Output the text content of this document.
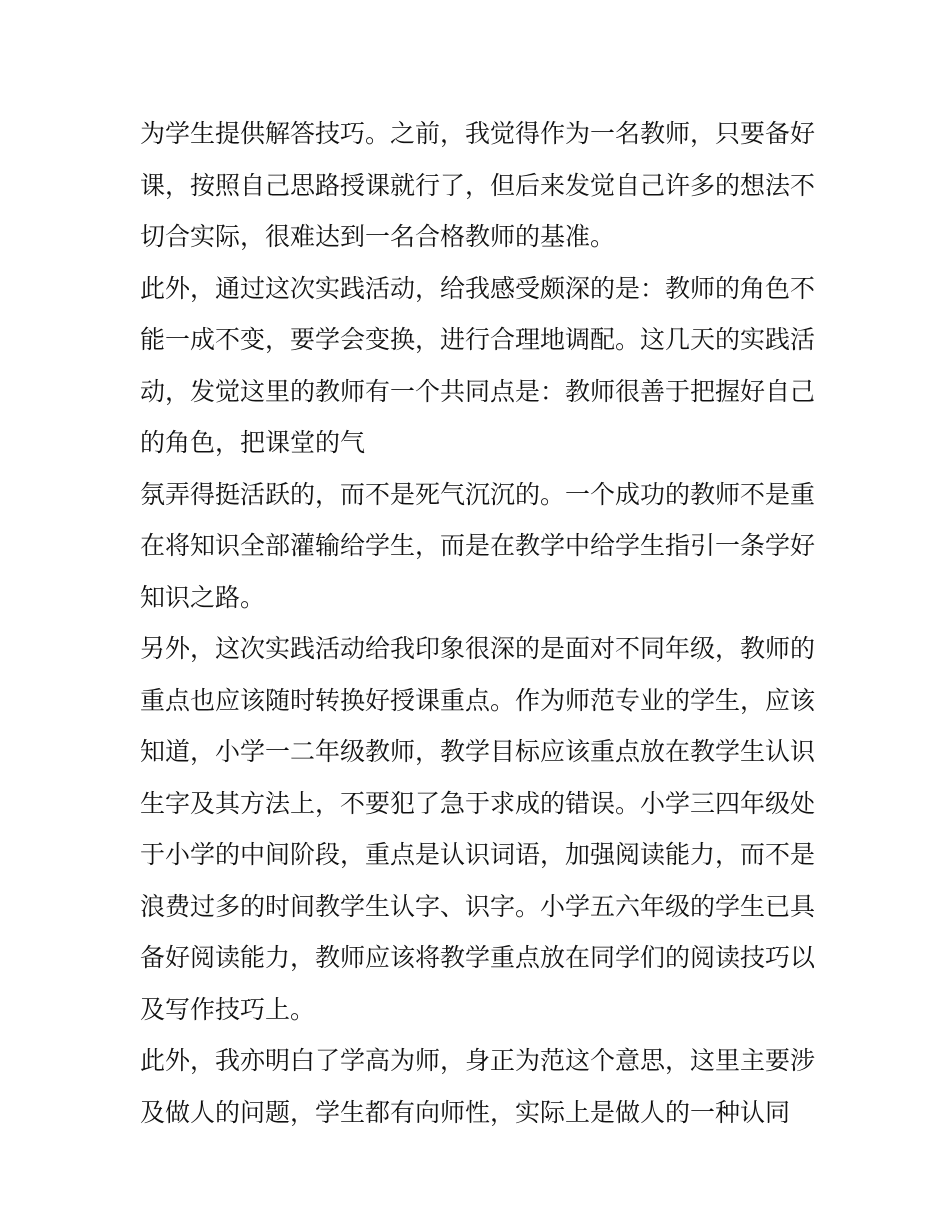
为学生提供解答技巧。之前，我觉得作为一名教师，只要备好
课，按照自己思路授课就行了，但后来发觉自己许多的想法不
切合实际，很难达到一名合格教师的基准。
此外，通过这次实践活动，给我感受颇深的是：教师的角色不
能一成不变，要学会变换，进行合理地调配。这几天的实践活
动，发觉这里的教师有一个共同点是：教师很善于把握好自己
的角色，把课堂的气
氛弄得挺活跃的，而不是死气沉沉的。一个成功的教师不是重
在将知识全部灌输给学生，而是在教学中给学生指引一条学好
知识之路。
另外，这次实践活动给我印象很深的是面对不同年级，教师的
重点也应该随时转换好授课重点。作为师范专业的学生，应该
知道，小学一二年级教师，教学目标应该重点放在教学生认识
生字及其方法上，不要犯了急于求成的错误。小学三四年级处
于小学的中间阶段，重点是认识词语，加强阅读能力，而不是
浪费过多的时间教学生认字、识字。小学五六年级的学生已具
备好阅读能力，教师应该将教学重点放在同学们的阅读技巧以
及写作技巧上。
此外，我亦明白了学高为师，身正为范这个意思，这里主要涉
及做人的问题，学生都有向师性，实际上是做人的一种认同
